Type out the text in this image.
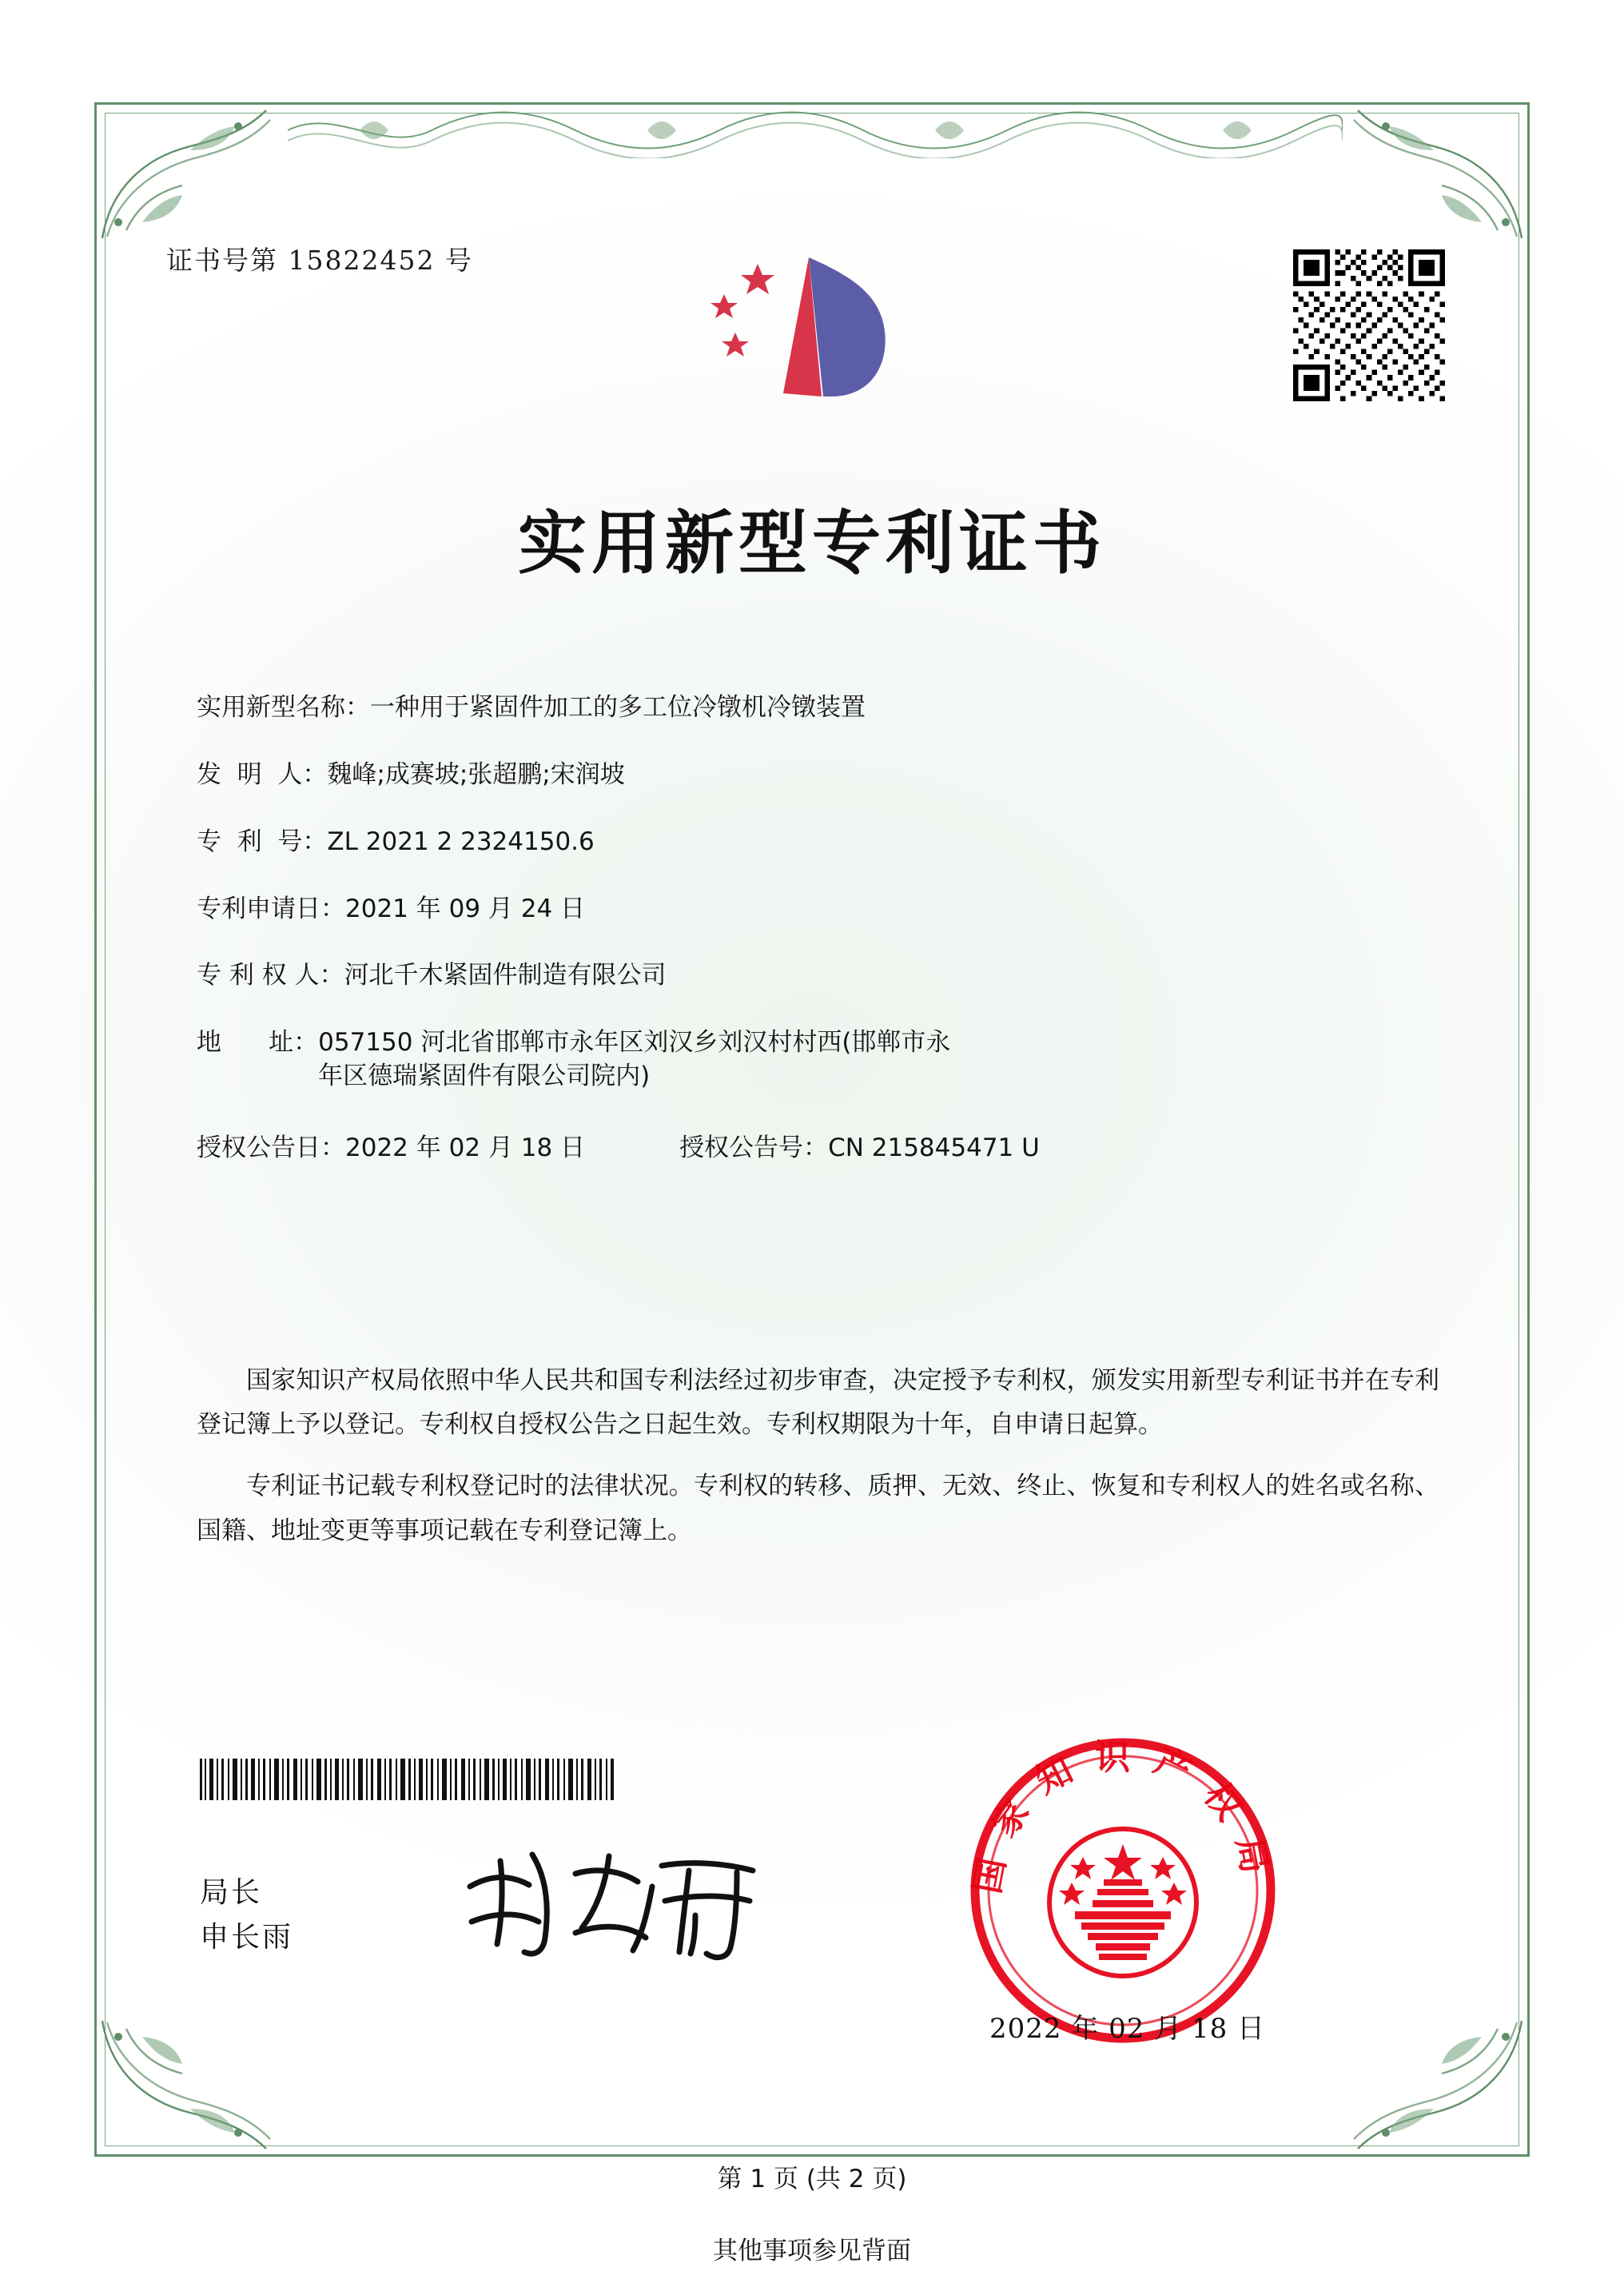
证书号第 15822452 号
实用新型专利证书
实用新型名称： 一种用于紧固件加工的多工位冷镦机冷镦装置
发  明  人： 魏峰;成赛坡;张超鹏;宋润坡
专  利  号： ZL 2021 2 2324150.6
专利申请日： 2021 年 09 月 24 日
专 利 权 人： 河北千木紧固件制造有限公司
地      址： 057150 河北省邯郸市永年区刘汉乡刘汉村村西(邯郸市永
年区德瑞紧固件有限公司院内)
授权公告日：2022 年 02 月 18 日	授权公告号：CN 215845471 U

国家知识产权局依照中华人民共和国专利法经过初步审查，决定授予专利权，颁发实用新型专利证书并在专利登记簿上予以登记。专利权自授权公告之日起生效。专利权期限为十年，自申请日起算。

专利证书记载专利权登记时的法律状况。专利权的转移、质押、无效、终止、恢复和专利权人的姓名或名称、国籍、地址变更等事项记载在专利登记簿上。

局长
申长雨
国家知识产权局
2022 年 02 月 18 日
第 1 页 (共 2 页)
其他事项参见背面
